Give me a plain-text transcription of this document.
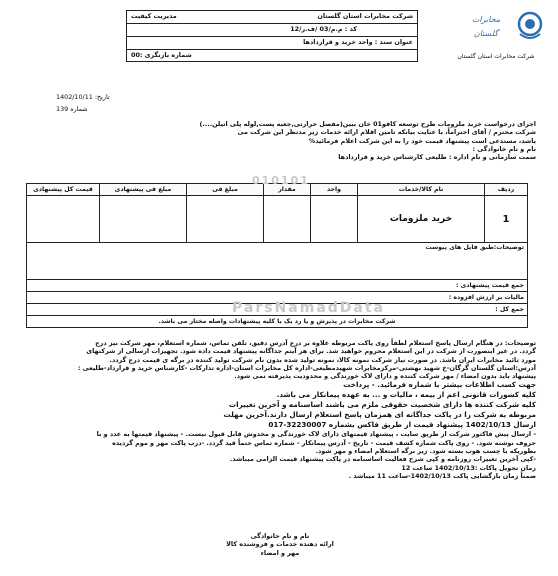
مدیریت کیفیت	شرکت مخابرات استان گلستان
کد : م.م/03 /ف.ر/12
عنوان سند : واحد خرید و قراردادها
شماره بازنگری :00
مخابرات
گلستان
شرکت مخابرات استان گلستان
تاریخ: 1402/10/11
شماره 139
اجرای درخواست خرید ملزومات طرح توسعه کافو01 خان ببین(مفصل حرارتی,جعبه پست,لوله پلی اتیلن....)
شرکت محترم / آقای احتراماً، با عنایت بیانکه تامین اقلام ارائه خدمات زیر مدنظر این شرکت می
باشد، مستدعی است پیشنهاد قیمت خود را به این شرکت اعلام فرمائید%
نام و نام خانوادگی :
سمت سازمانی و نام اداره : طلیعی کارشناس خرید و قراردادها
ردیف	نام کالا/خدمات	واحد	مقدار	مبلغ فی	مبلغ فی پیشنهادی	قیمت کل پیشنهادی
1	خرید ملزومات					
توضیحات:طبق فایل های پیوست						
جمع قیمت پیشنهادی :						
مالیات بر ارزش افزوده :						
جمع کل :						
شرکت مخابرات در پذیرش و یا رد یک یا کلیه پیشنهادات واصله مختار می باشد.						
ParsNamadData
010101
توضیحات: در هنگام ارسال پاسخ استعلام لطفاً روی پاکت مربوطه علاوه بر درج آدرس دقیق، تلفن تماس، شماره استعلام، مهر شرکت نیز درج
گردد. در غیر اینصورت از شرکت در این استعلام محروم خواهید شد. برای هر آیتم جداگانه پیشنهاد قیمت داده شود. تجهیزات ارسالی از شرکتهای
مورد تائید مخابرات ایران باشد. در صورت نیاز شرکت نمونه کالا، نمونه تولید شده بدون نام شرکت تولید کننده در برگه ی قیمت درج گردد.
آدرس:استان گلستان گرگان-خ شهید بهشتی-مرکزمخابرات شهیدمطیعی-اداره کل مخابرات استان-اداره تدارکات -کارشناس خرید و قرارداد-طلیعی :
پیشنهاد باید بدون امضاء / مهر شرکت کننده و دارای لاک خورندگی و محدودیت پذیرفته نمی شود.
جهت کسب اطلاعات بیشتر با شماره فرمائید. - پرداخت
کلیه کسورات قانونی اعم از بیمه ، مالیات و ... به عهده پیمانکار می باشد.
کلیه شرکت کننده ها دارای شخصیت حقوقی ملزم می باشند اساسنامه و آخرین تغییرات
مربوطه به شرکت را در پاکت جداگانه ای همزمان پاسخ استعلام ارسال دارند.آخرین مهلت
ارسال 1402/10/13 پیشنهاد قیمت از طریق فاکس بشماره 32230007-017
- ارسال پیش فاکتور شرکت از طریق سایت ، پیشنهاد قیمتهای دارای لاک خورندگی و مخدوش قابل قبول نیست. - پیشنهاد قیمتها به عدد و با
حروف نوشته شود. - روی پاکت شماره کشف قیمت - تاریخ - آدرس پیمانکار - شماره تماس حتماً قید گردد. -درب پاکت مهر و موم گردیده
بطوریکه با چسب هوب بسته شود. زیر برگه استعلام امضاء و مهر شود.
-کپی آخرین تغییرات روزنامه و کپی شرح فعالیت اساسنامه در پاکت پیشنهاد قیمت الزامی میباشد.
زمان تحویل پاکات :1402/10/13 ساعت 12
ضمناً زمان بازگشایی پاکت 1402/10/13-ساعت 11 میباشد .
نام و نام خانوادگی
ارائه دهنده خدمات و فروشنده کالا
مهر و امضاء
